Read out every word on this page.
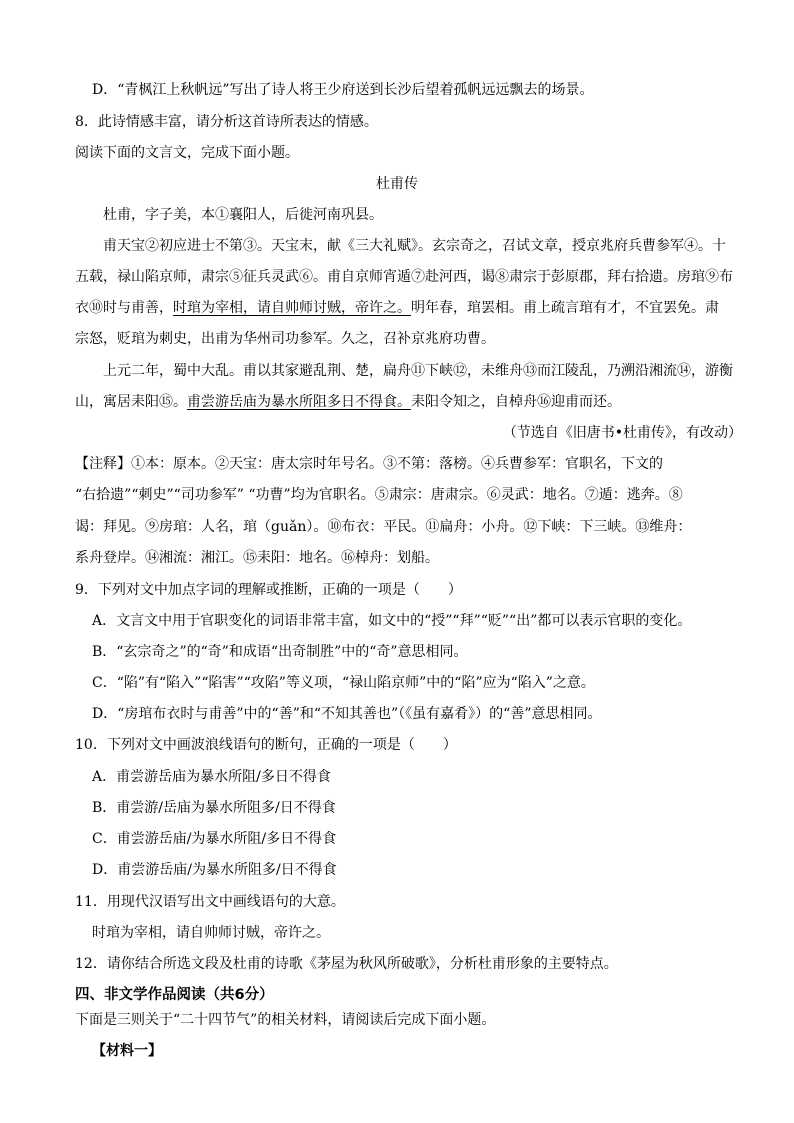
D．“青枫江上秋帆远”写出了诗人将王少府送到长沙后望着孤帆远远飘去的场景。
8．此诗情感丰富，请分析这首诗所表达的情感。
阅读下面的文言文，完成下面小题。
杜甫传
杜甫，字子美，本①襄阳人，后徙河南巩县。
甫天宝②初应进士不第③。天宝末，献《三大礼赋》。玄宗奇之，召试文章，授京兆府兵曹参军④。十
五载，禄山陷京师，肃宗⑤征兵灵武⑥。甫自京师宵遁⑦赴河西，谒⑧肃宗于彭原郡，拜右拾遗。房琯⑨布
衣⑩时与甫善，时琯为宰相，请自帅师讨贼，帝许之。明年春，琯罢相。甫上疏言琯有才，不宜罢免。肃
宗怒，贬琯为刺史，出甫为华州司功参军。久之，召补京兆府功曹。
上元二年，蜀中大乱。甫以其家避乱荆、楚，扁舟⑪下峡⑫，未维舟⑬而江陵乱，乃溯沿湘流⑭，游衡
山，寓居耒阳⑮。甫尝游岳庙为暴水所阻多日不得食。耒阳令知之，自棹舟⑯迎甫而还。
（节选自《旧唐书•杜甫传》，有改动）
【注释】①本：原本。②天宝：唐太宗时年号名。③不第：落榜。④兵曹参军：官职名，下文的
“右拾遗”“刺史”“司功参军” “功曹”均为官职名。⑤肃宗：唐肃宗。⑥灵武：地名。⑦遁：逃奔。⑧
谒：拜见。⑨房琯：人名，琯（guǎn）。⑩布衣：平民。⑪扁舟：小舟。⑫下峡：下三峡。⑬维舟：
系舟登岸。⑭湘流：湘江。⑮耒阳：地名。⑯棹舟：划船。
9．下列对文中加点字词的理解或推断，正确的一项是（　　）
A．文言文中用于官职变化的词语非常丰富，如文中的“授”“拜”“贬”“出”都可以表示官职的变化。
B．“玄宗奇之”的“奇”和成语“出奇制胜”中的“奇”意思相同。
C．“陷”有“陷入”“陷害”“攻陷”等义项，“禄山陷京师”中的“陷”应为“陷入”之意。
D．“房琯布衣时与甫善”中的“善”和“不知其善也”（《虽有嘉肴》）的“善”意思相同。
10．下列对文中画波浪线语句的断句，正确的一项是（　　）
A．甫尝游岳庙为暴水所阻/多日不得食
B．甫尝游/岳庙为暴水所阻多/日不得食
C．甫尝游岳庙/为暴水所阻/多日不得食
D．甫尝游岳庙/为暴水所阻多/日不得食
11．用现代汉语写出文中画线语句的大意。
时琯为宰相，请自帅师讨贼，帝许之。
12．请你结合所选文段及杜甫的诗歌《茅屋为秋风所破歌》，分析杜甫形象的主要特点。
四、非文学作品阅读（共6分）
下面是三则关于“二十四节气”的相关材料，请阅读后完成下面小题。
【材料一】
